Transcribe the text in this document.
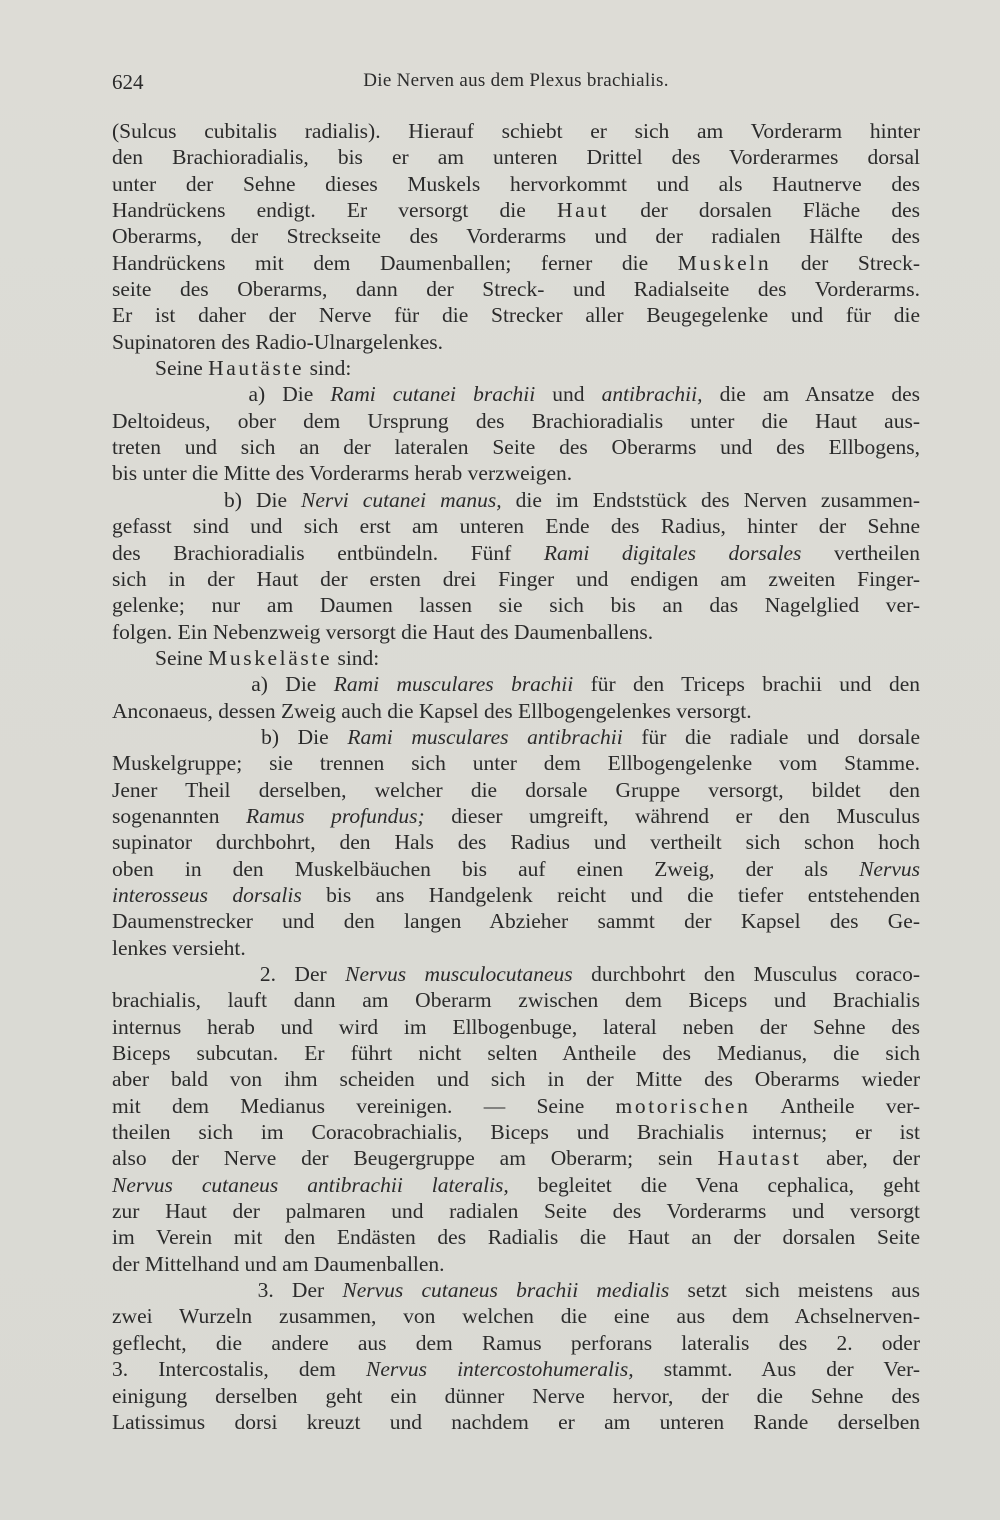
624	Die Nerven aus dem Plexus brachialis.
(Sulcus cubitalis radialis). Hierauf schiebt er sich am Vorderarm hinter
den Brachioradialis, bis er am unteren Drittel des Vorderarmes dorsal
unter der Sehne dieses Muskels hervorkommt und als Hautnerve des
Handrückens endigt. Er versorgt die Haut der dorsalen Fläche des
Oberarms, der Streckseite des Vorderarms und der radialen Hälfte des
Handrückens mit dem Daumenballen; ferner die Muskeln der Streck-
seite des Oberarms, dann der Streck- und Radialseite des Vorderarms.
Er ist daher der Nerve für die Strecker aller Beugegelenke und für die
Supinatoren des Radio-Ulnargelenkes.
Seine Hautäste sind:
a) Die Rami cutanei brachii und antibrachii, die am Ansatze des
Deltoideus, ober dem Ursprung des Brachioradialis unter die Haut aus-
treten und sich an der lateralen Seite des Oberarms und des Ellbogens,
bis unter die Mitte des Vorderarms herab verzweigen.
b) Die Nervi cutanei manus, die im Endststück des Nerven zusammen-
gefasst sind und sich erst am unteren Ende des Radius, hinter der Sehne
des Brachioradialis entbündeln. Fünf Rami digitales dorsales vertheilen
sich in der Haut der ersten drei Finger und endigen am zweiten Finger-
gelenke; nur am Daumen lassen sie sich bis an das Nagelglied ver-
folgen. Ein Nebenzweig versorgt die Haut des Daumenballens.
Seine Muskeläste sind:
a) Die Rami musculares brachii für den Triceps brachii und den
Anconaeus, dessen Zweig auch die Kapsel des Ellbogengelenkes versorgt.
b) Die Rami musculares antibrachii für die radiale und dorsale
Muskelgruppe; sie trennen sich unter dem Ellbogengelenke vom Stamme.
Jener Theil derselben, welcher die dorsale Gruppe versorgt, bildet den
sogenannten Ramus profundus; dieser umgreift, während er den Musculus
supinator durchbohrt, den Hals des Radius und vertheilt sich schon hoch
oben in den Muskelbäuchen bis auf einen Zweig, der als Nervus
interosseus dorsalis bis ans Handgelenk reicht und die tiefer entstehenden
Daumenstrecker und den langen Abzieher sammt der Kapsel des Ge-
lenkes versieht.
2. Der Nervus musculocutaneus durchbohrt den Musculus coraco-
brachialis, lauft dann am Oberarm zwischen dem Biceps und Brachialis
internus herab und wird im Ellbogenbuge, lateral neben der Sehne des
Biceps subcutan. Er führt nicht selten Antheile des Medianus, die sich
aber bald von ihm scheiden und sich in der Mitte des Oberarms wieder
mit dem Medianus vereinigen. — Seine motorischen Antheile ver-
theilen sich im Coracobrachialis, Biceps und Brachialis internus; er ist
also der Nerve der Beugergruppe am Oberarm; sein Hautast aber, der
Nervus cutaneus antibrachii lateralis, begleitet die Vena cephalica, geht
zur Haut der palmaren und radialen Seite des Vorderarms und versorgt
im Verein mit den Endästen des Radialis die Haut an der dorsalen Seite
der Mittelhand und am Daumenballen.
3. Der Nervus cutaneus brachii medialis setzt sich meistens aus
zwei Wurzeln zusammen, von welchen die eine aus dem Achselnerven-
geflecht, die andere aus dem Ramus perforans lateralis des 2. oder
3. Intercostalis, dem Nervus intercostohumeralis, stammt. Aus der Ver-
einigung derselben geht ein dünner Nerve hervor, der die Sehne des
Latissimus dorsi kreuzt und nachdem er am unteren Rande derselben
